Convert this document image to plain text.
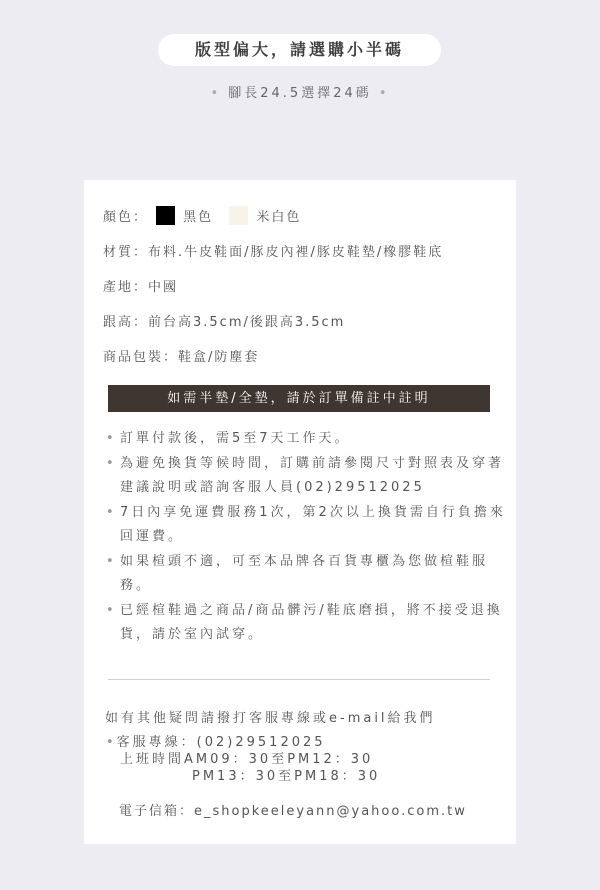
版型偏大，請選購小半碼
• 腳長24.5選擇24碼 •
顏色：	黑色	米白色
材質：布料.牛皮鞋面/豚皮內裡/豚皮鞋墊/橡膠鞋底
產地：中國
跟高：前台高3.5cm/後跟高3.5cm
商品包裝：鞋盒/防塵套
如需半墊/全墊，請於訂單備註中註明
• 訂單付款後，需5至7天工作天。
• 為避免換貨等候時間，訂購前請參閱尺寸對照表及穿著建議說明或諮詢客服人員(02)29512025
• 7日內享免運費服務1次，第2次以上換貨需自行負擔來回運費。
• 如果楦頭不適，可至本品牌各百貨專櫃為您做楦鞋服務。
• 已經楦鞋過之商品/商品髒污/鞋底磨損，將不接受退換貨，請於室內試穿。
如有其他疑問請撥打客服專線或e-mail給我們
•客服專線：(02)29512025
上班時間AM09：30至PM12：30
PM13：30至PM18：30
電子信箱：e_shopkeeleyann@yahoo.com.tw
